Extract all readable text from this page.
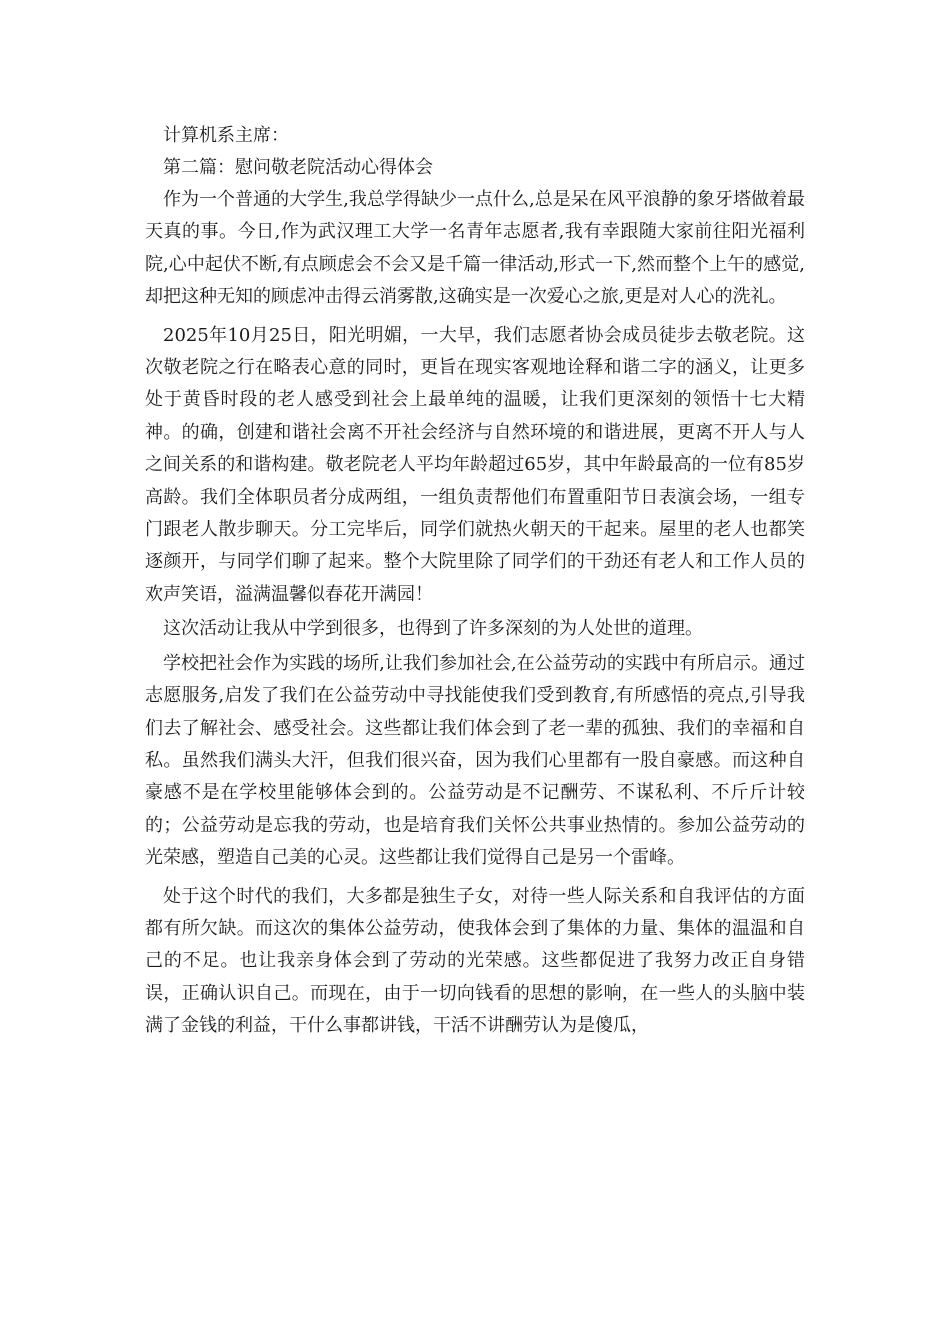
计算机系主席：

第二篇：慰问敬老院活动心得体会

作为一个普通的大学生,我总学得缺少一点什么,总是呆在风平浪静的象牙塔做着最天真的事。今日,作为武汉理工大学一名青年志愿者,我有幸跟随大家前往阳光福利院,心中起伏不断,有点顾虑会不会又是千篇一律活动,形式一下,然而整个上午的感觉,却把这种无知的顾虑冲击得云消雾散,这确实是一次爱心之旅,更是对人心的洗礼。

2025年10月25日，阳光明媚，一大早，我们志愿者协会成员徒步去敬老院。这次敬老院之行在略表心意的同时，更旨在现实客观地诠释和谐二字的涵义，让更多处于黄昏时段的老人感受到社会上最单纯的温暖，让我们更深刻的领悟十七大精神。的确，创建和谐社会离不开社会经济与自然环境的和谐进展，更离不开人与人之间关系的和谐构建。敬老院老人平均年龄超过65岁，其中年龄最高的一位有85岁高龄。我们全体职员者分成两组，一组负责帮他们布置重阳节日表演会场，一组专门跟老人散步聊天。分工完毕后，同学们就热火朝天的干起来。屋里的老人也都笑逐颜开，与同学们聊了起来。整个大院里除了同学们的干劲还有老人和工作人员的欢声笑语，溢满温馨似春花开满园！

这次活动让我从中学到很多，也得到了许多深刻的为人处世的道理。

学校把社会作为实践的场所,让我们参加社会,在公益劳动的实践中有所启示。通过志愿服务,启发了我们在公益劳动中寻找能使我们受到教育,有所感悟的亮点,引导我们去了解社会、感受社会。这些都让我们体会到了老一辈的孤独、我们的幸福和自私。虽然我们满头大汗，但我们很兴奋，因为我们心里都有一股自豪感。而这种自豪感不是在学校里能够体会到的。公益劳动是不记酬劳、不谋私利、不斤斤计较的；公益劳动是忘我的劳动，也是培育我们关怀公共事业热情的。参加公益劳动的光荣感，塑造自己美的心灵。这些都让我们觉得自己是另一个雷峰。

处于这个时代的我们，大多都是独生子女，对待一些人际关系和自我评估的方面都有所欠缺。而这次的集体公益劳动，使我体会到了集体的力量、集体的温温和自己的不足。也让我亲身体会到了劳动的光荣感。这些都促进了我努力改正自身错误，正确认识自己。而现在，由于一切向钱看的思想的影响，在一些人的头脑中装满了金钱的利益，干什么事都讲钱，干活不讲酬劳认为是傻瓜，
